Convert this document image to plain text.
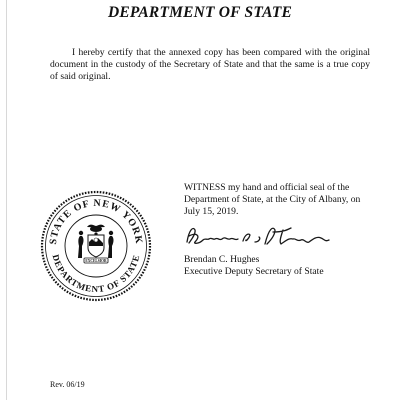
DEPARTMENT OF STATE
I hereby certify that the annexed copy has been compared with the original document in the custody of the Secretary of State and that the same is a true copy of said original.
WITNESS my hand and official seal of the
Department of State, at the City of Albany, on
July 15, 2019.
Brendan C. Hughes
Executive Deputy Secretary of State
STATE OF NEW YORK
DEPARTMENT OF STATE
EXCELSIOR
Rev. 06/19
